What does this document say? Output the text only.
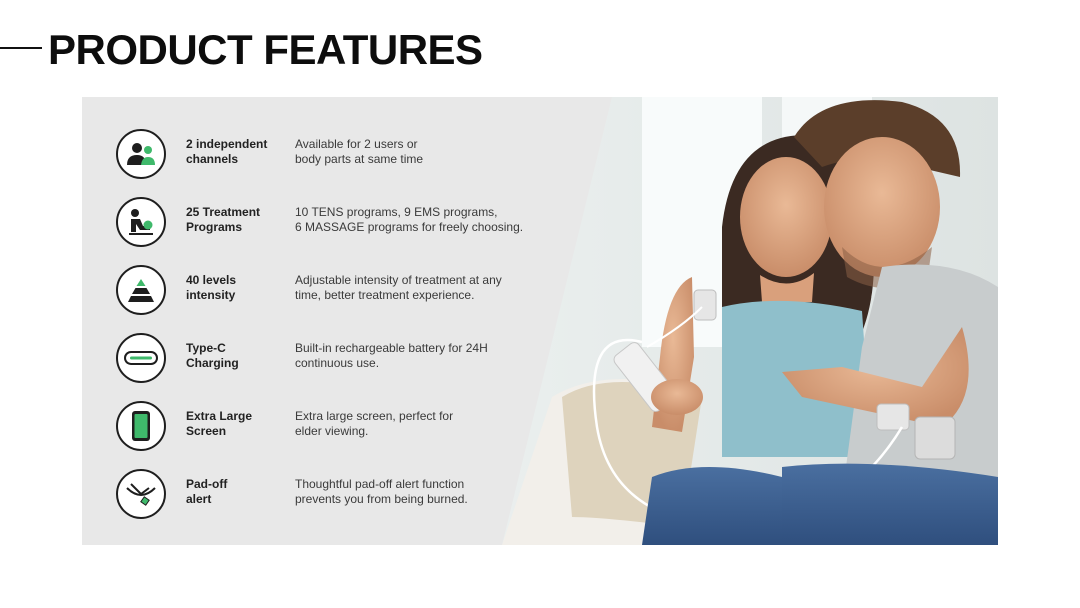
PRODUCT FEATURES
2 independent
channels
Available for 2 users or
body parts at same time
25 Treatment
Programs
10 TENS programs, 9 EMS programs,
6 MASSAGE programs for freely choosing.
40 levels
intensity
Adjustable intensity of treatment at any
time, better treatment experience.
Type-C
Charging
Built-in rechargeable battery for 24H
continuous use.
Extra Large
Screen
Extra large screen, perfect for
elder viewing.
Pad-off
alert
Thoughtful pad-off alert function
prevents you from being burned.
